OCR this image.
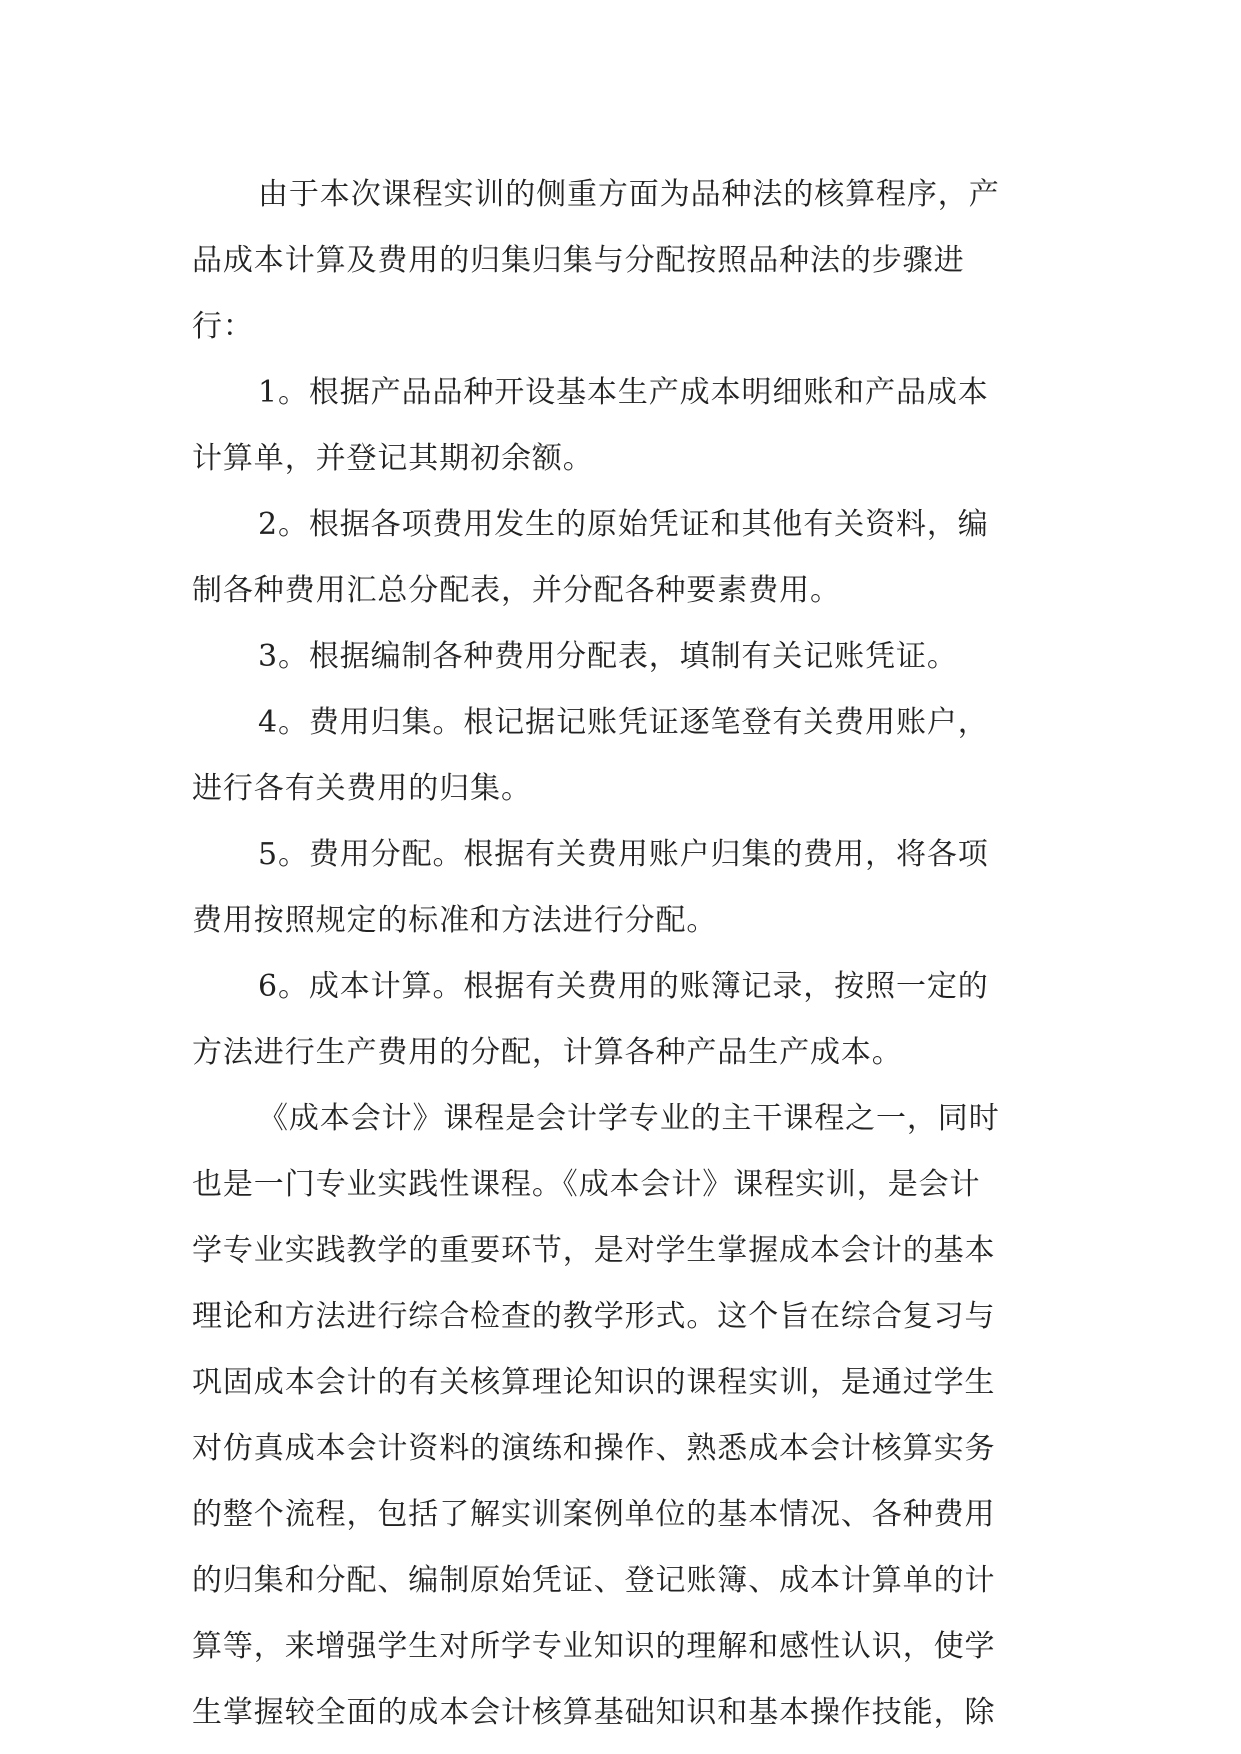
由于本次课程实训的侧重方面为品种法的核算程序，产
品成本计算及费用的归集归集与分配按照品种法的步骤进
行：
1。根据产品品种开设基本生产成本明细账和产品成本
计算单，并登记其期初余额。
2。根据各项费用发生的原始凭证和其他有关资料，编
制各种费用汇总分配表，并分配各种要素费用。
3。根据编制各种费用分配表，填制有关记账凭证。
4。费用归集。根记据记账凭证逐笔登有关费用账户，
进行各有关费用的归集。
5。费用分配。根据有关费用账户归集的费用，将各项
费用按照规定的标准和方法进行分配。
6。成本计算。根据有关费用的账簿记录，按照一定的
方法进行生产费用的分配，计算各种产品生产成本。
《成本会计》课程是会计学专业的主干课程之一，同时
也是一门专业实践性课程。《成本会计》课程实训，是会计
学专业实践教学的重要环节，是对学生掌握成本会计的基本
理论和方法进行综合检查的教学形式。这个旨在综合复习与
巩固成本会计的有关核算理论知识的课程实训，是通过学生
对仿真成本会计资料的演练和操作、熟悉成本会计核算实务
的整个流程，包括了解实训案例单位的基本情况、各种费用
的归集和分配、编制原始凭证、登记账簿、成本计算单的计
算等，来增强学生对所学专业知识的理解和感性认识，使学
生掌握较全面的成本会计核算基础知识和基本操作技能，除
